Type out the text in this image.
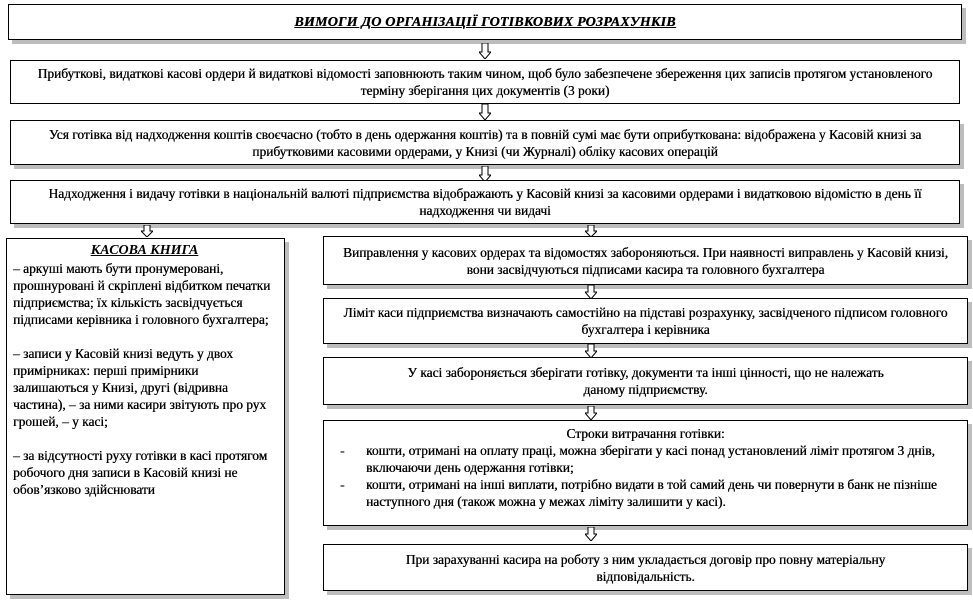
ВИМОГИ ДО ОРГАНІЗАЦІЇ ГОТІВКОВИХ РОЗРАХУНКІВ
Прибуткові, видаткові касові ордери й видаткові відомості заповнюють таким чином, щоб було забезпечене збереження цих записів протягом установленого терміну зберігання цих документів (3 роки)
Уся готівка від надходження коштів своєчасно (тобто в день одержання коштів) та в повній сумі має бути оприбуткована: відображена у Касовій книзі за прибутковими касовими ордерами, у Книзі (чи Журналі) обліку касових операцій
Надходження і видачу готівки в національній валюті підприємства відображають у Касовій книзі за касовими ордерами і видатковою відомістю в день її надходження чи видачі
КАСОВА КНИГА

– аркуші мають бути пронумеровані, прошнуровані й скріплені відбитком печатки підприємства; їх кількість засвідчується підписами керівника і головного бухгалтера;

– записи у Касовій книзі ведуть у двох примірниках: перші примірники залишаються у Книзі, другі (відривна частина), – за ними касири звітують про рух грошей, – у касі;

– за відсутності руху готівки в касі протягом робочого дня записи в Касовій книзі не обов’язково здійснювати

Виправлення у касових ордерах та відомостях забороняються. При наявності виправлень у Касовій книзі, вони засвідчуються підписами касира та головного бухгалтера
Ліміт каси підприємства визначають самостійно на підставі розрахунку, засвідченого підписом головного бухгалтера і керівника
У касі забороняється зберігати готівку, документи та інші цінності, що не належать даному підприємству.
Строки витрачання готівки:
-	кошти, отримані на оплату праці, можна зберігати у касі понад установлений ліміт протягом 3 днів, включаючи день одержання готівки;
-	кошти, отримані на інші виплати, потрібно видати в той самий день чи повернути в банк не пізніше наступного дня (також можна у межах ліміту залишити у касі).
При зарахуванні касира на роботу з ним укладається договір про повну матеріальну відповідальність.
